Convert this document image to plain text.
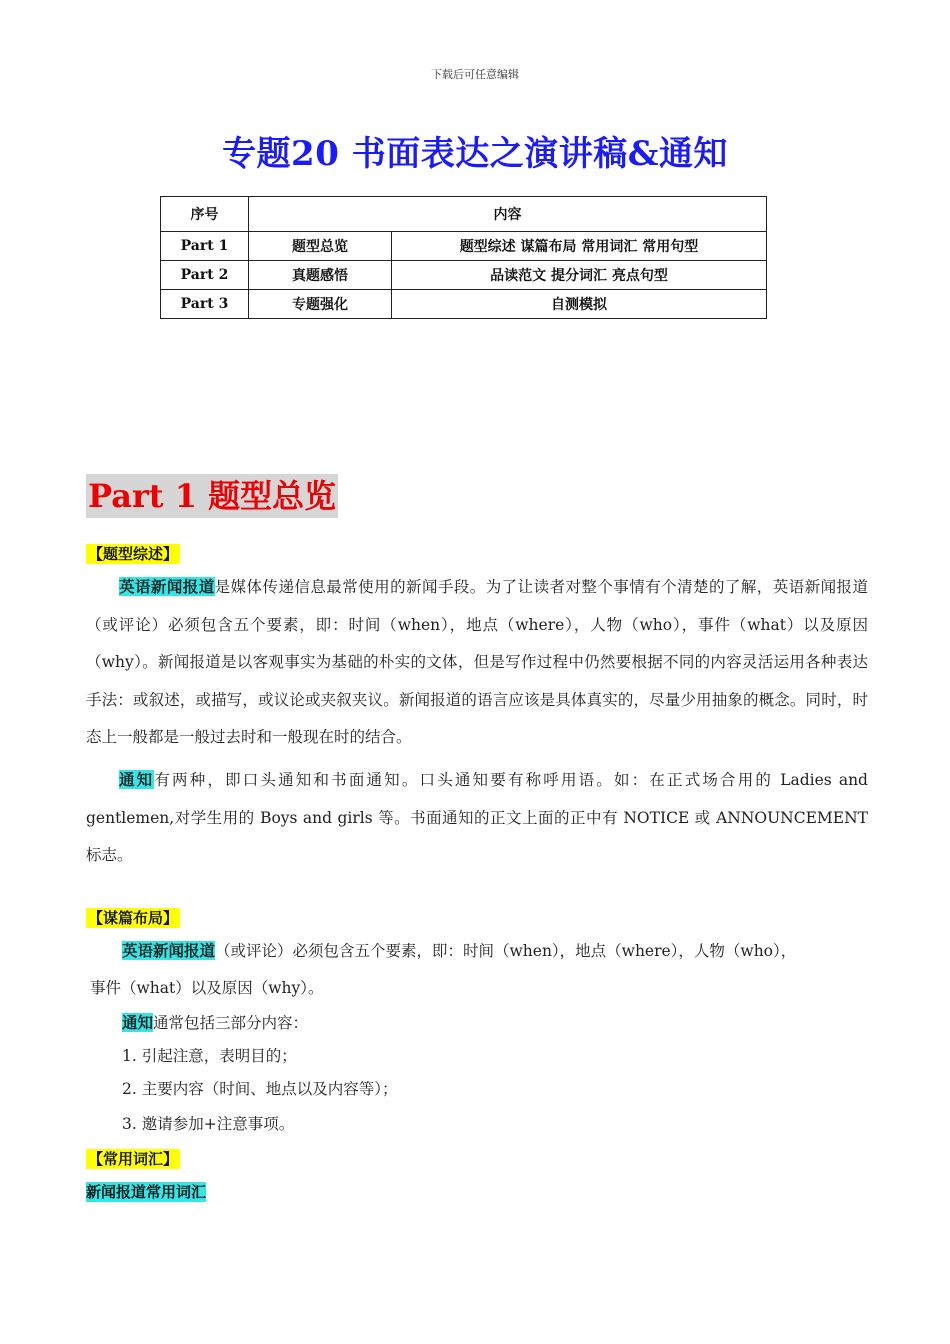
下载后可任意编辑
专题20 书面表达之演讲稿&通知
序号	内容	
Part 1	题型总览	题型综述 谋篇布局 常用词汇 常用句型
Part 2	真题感悟	品读范文 提分词汇 亮点句型
Part 3	专题强化	自测模拟
Part 1 题型总览
【题型综述】
英语新闻报道是媒体传递信息最常使用的新闻手段。为了让读者对整个事情有个清楚的了解，英语新闻报道（或评论）必须包含五个要素，即：时间（when），地点（where），人物（who），事件（what）以及原因（why）。新闻报道是以客观事实为基础的朴实的文体，但是写作过程中仍然要根据不同的内容灵活运用各种表达手法：或叙述，或描写，或议论或夹叙夹议。新闻报道的语言应该是具体真实的，尽量少用抽象的概念。同时，时态上一般都是一般过去时和一般现在时的结合。
通知有两种，即口头通知和书面通知。口头通知要有称呼用语。如：在正式场合用的 Ladies and gentlemen,对学生用的 Boys and girls 等。书面通知的正文上面的正中有 NOTICE 或 ANNOUNCEMENT 标志。
【谋篇布局】
英语新闻报道（或评论）必须包含五个要素，即：时间（when），地点（where），人物（who），
事件（what）以及原因（why）。
通知通常包括三部分内容：
1. 引起注意，表明目的；
2. 主要内容（时间、地点以及内容等）；
3. 邀请参加+注意事项。
【常用词汇】
新闻报道常用词汇
